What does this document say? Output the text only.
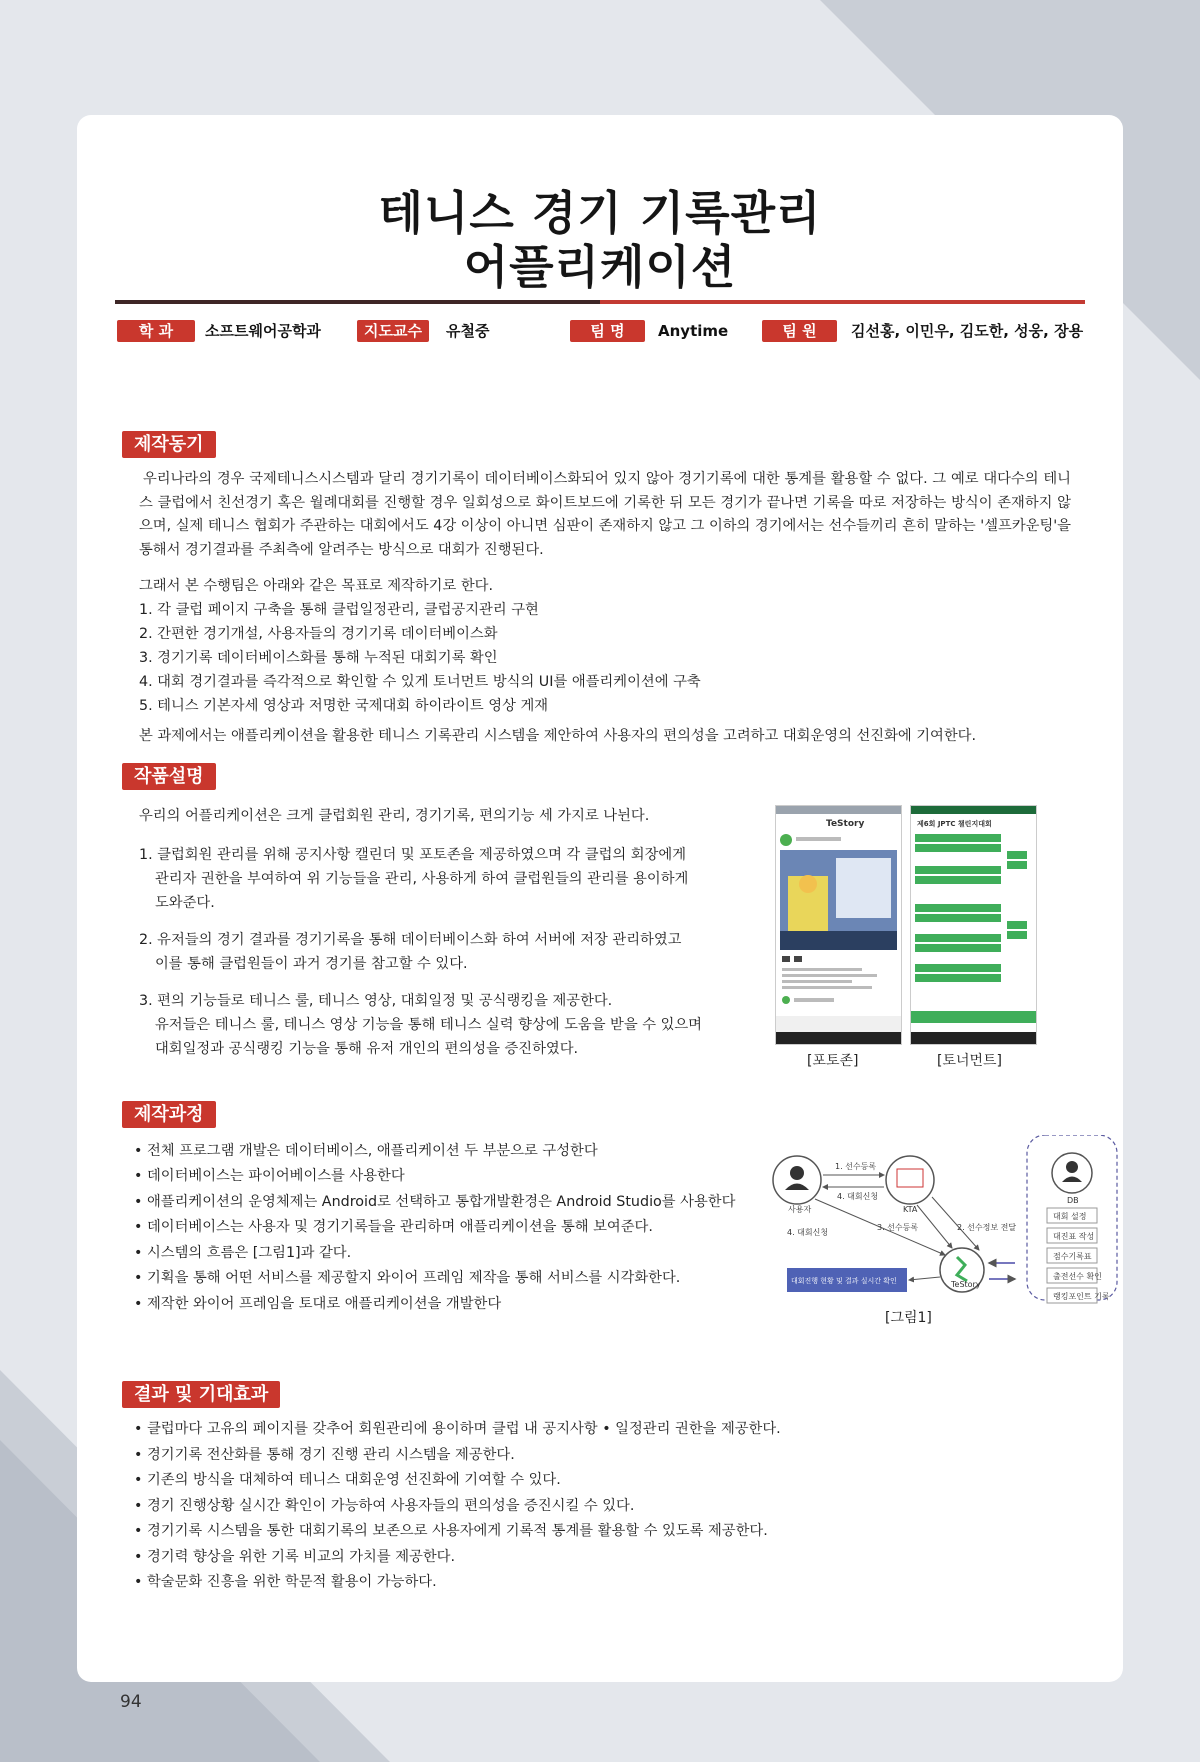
테니스 경기 기록관리
어플리케이션
학 과	소프트웨어공학과	지도교수	유철중	팀 명	Anytime	팀 원	김선홍, 이민우, 김도한, 성웅, 장용
제작동기
우리나라의 경우 국제테니스시스템과 달리 경기기록이 데이터베이스화되어 있지 않아 경기기록에 대한 통계를 활용할 수 없다. 그 예로 대다수의 테니스 클럽에서 친선경기 혹은 월례대회를 진행할 경우 일회성으로 화이트보드에 기록한 뒤 모든 경기가 끝나면 기록을 따로 저장하는 방식이 존재하지 않으며, 실제 테니스 협회가 주관하는 대회에서도 4강 이상이 아니면 심판이 존재하지 않고 그 이하의 경기에서는 선수들끼리 흔히 말하는 '셀프카운팅'을 통해서 경기결과를 주최측에 알려주는 방식으로 대회가 진행된다.
그래서 본 수행팀은 아래와 같은 목표로 제작하기로 한다.
1. 각 클럽 페이지 구축을 통해 클럽일정관리, 클럽공지관리 구현
2. 간편한 경기개설, 사용자들의 경기기록 데이터베이스화
3. 경기기록 데이터베이스화를 통해 누적된 대회기록 확인
4. 대회 경기결과를 즉각적으로 확인할 수 있게 토너먼트 방식의 UI를 애플리케이션에 구축
5. 테니스 기본자세 영상과 저명한 국제대회 하이라이트 영상 게재
본 과제에서는 애플리케이션을 활용한 테니스 기록관리 시스템을 제안하여 사용자의 편의성을 고려하고 대회운영의 선진화에 기여한다.
작품설명
우리의 어플리케이션은 크게 클럽회원 관리, 경기기록, 편의기능 세 가지로 나뉜다.
1. 클럽회원 관리를 위해 공지사항 캘린더 및 포토존을 제공하였으며 각 클럽의 회장에게
관리자 권한을 부여하여 위 기능들을 관리, 사용하게 하여 클럽원들의 관리를 용이하게
도와준다.
2. 유저들의 경기 결과를 경기기록을 통해 데이터베이스화 하여 서버에 저장 관리하였고
이를 통해 클럽원들이 과거 경기를 참고할 수 있다.
3. 편의 기능들로 테니스 룰, 테니스 영상, 대회일정 및 공식랭킹을 제공한다.
유저들은 테니스 룰, 테니스 영상 기능을 통해 테니스 실력 향상에 도움을 받을 수 있으며
대회일정과 공식랭킹 기능을 통해 유저 개인의 편의성을 증진하였다.
TeStory	제6회 JPTC 챌린지대회
[포토존]	[토너먼트]
제작과정
• 전체 프로그램 개발은 데이터베이스, 애플리케이션 두 부분으로 구성한다
• 데이터베이스는 파이어베이스를 사용한다
• 애플리케이션의 운영체제는 Android로 선택하고 통합개발환경은 Android Studio를 사용한다
• 데이터베이스는 사용자 및 경기기록들을 관리하며 애플리케이션을 통해 보여준다.
• 시스템의 흐름은 [그림1]과 같다.
• 기획을 통해 어떤 서비스를 제공할지 와이어 프레임 제작을 통해 서비스를 시각화한다.
• 제작한 와이어 프레임을 토대로 애플리케이션을 개발한다
사용자	KTA
DB
대회 설정
대진표 작성
점수기록표
출전선수 확인
랭킹포인트 기록
TeStory
1. 선수등록
4. 대회신청
4. 대회신청
3. 선수등록	2. 선수정보 전달
대회진행 현황 및 결과 실시간 확인
[그림1]
결과 및 기대효과
• 클럽마다 고유의 페이지를 갖추어 회원관리에 용이하며 클럽 내 공지사항 • 일정관리 권한을 제공한다.
• 경기기록 전산화를 통해 경기 진행 관리 시스템을 제공한다.
• 기존의 방식을 대체하여 테니스 대회운영 선진화에 기여할 수 있다.
• 경기 진행상황 실시간 확인이 가능하여 사용자들의 편의성을 증진시킬 수 있다.
• 경기기록 시스템을 통한 대회기록의 보존으로 사용자에게 기록적 통계를 활용할 수 있도록 제공한다.
• 경기력 향상을 위한 기록 비교의 가치를 제공한다.
• 학술문화 진흥을 위한 학문적 활용이 가능하다.
94
